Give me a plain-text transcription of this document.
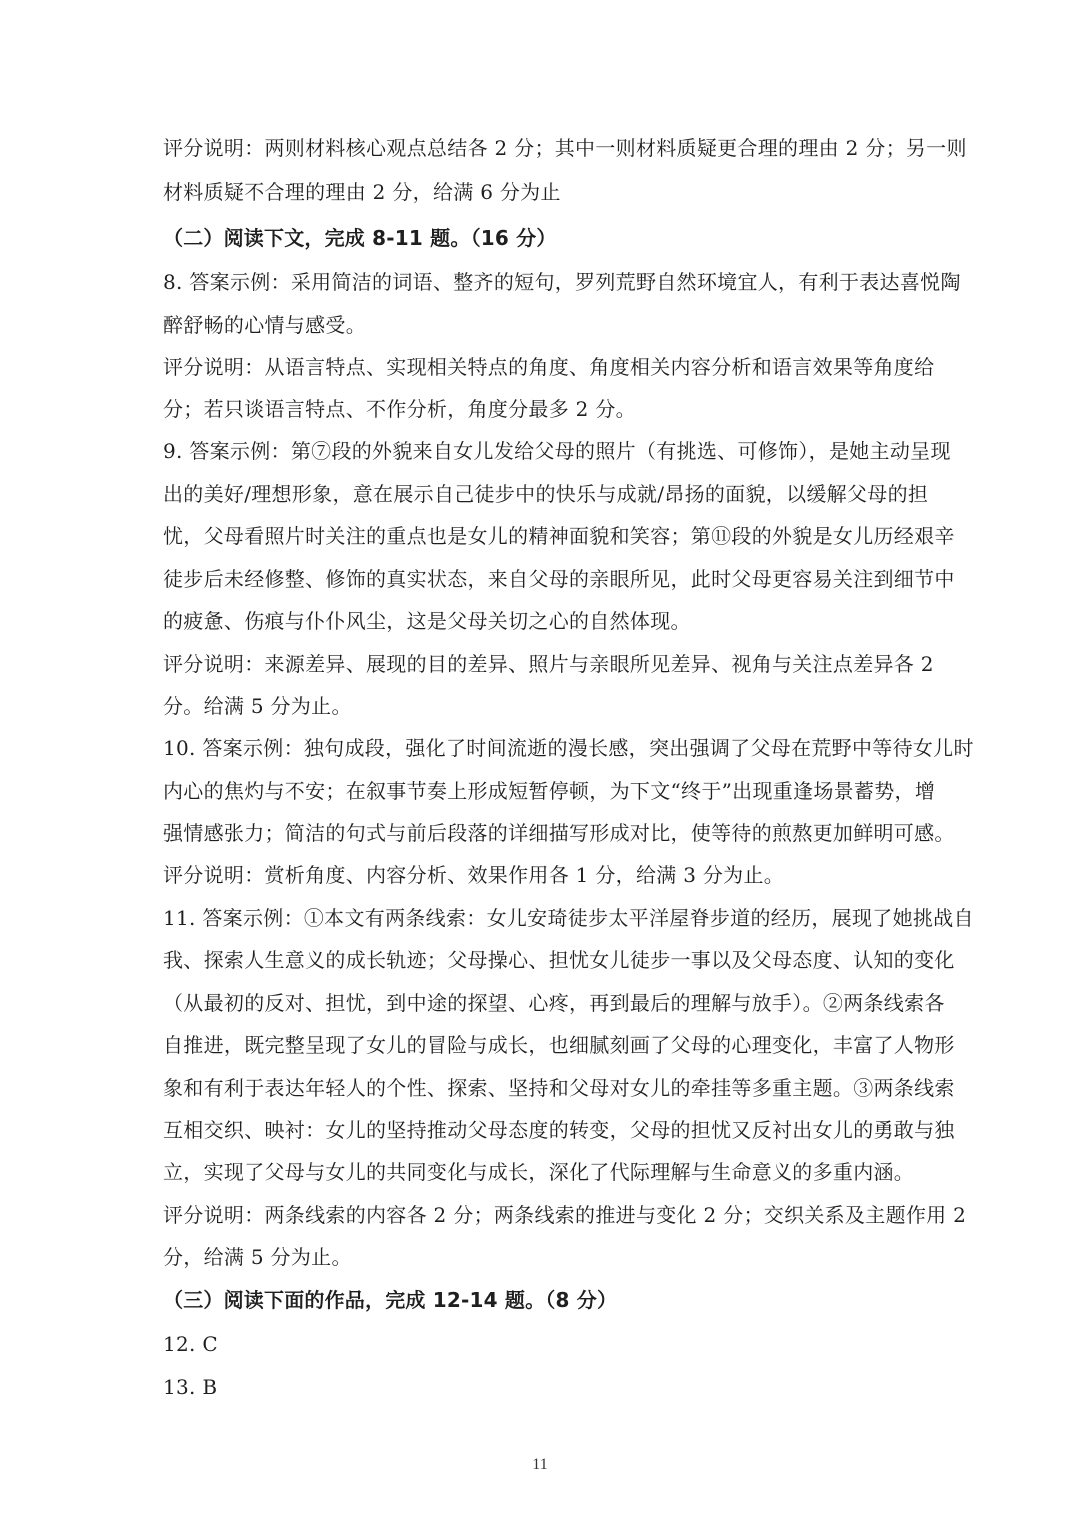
评分说明：两则材料核心观点总结各 2 分；其中一则材料质疑更合理的理由 2 分；另一则
材料质疑不合理的理由 2 分，给满 6 分为止
（二）阅读下文，完成 8-11 题。（16 分）
8. 答案示例：采用简洁的词语、整齐的短句，罗列荒野自然环境宜人，有利于表达喜悦陶
醉舒畅的心情与感受。
评分说明：从语言特点、实现相关特点的角度、角度相关内容分析和语言效果等角度给
分；若只谈语言特点、不作分析，角度分最多 2 分。
9. 答案示例：第⑦段的外貌来自女儿发给父母的照片（有挑选、可修饰），是她主动呈现
出的美好/理想形象，意在展示自己徒步中的快乐与成就/昂扬的面貌，以缓解父母的担
忧，父母看照片时关注的重点也是女儿的精神面貌和笑容；第⑪段的外貌是女儿历经艰辛
徒步后未经修整、修饰的真实状态，来自父母的亲眼所见，此时父母更容易关注到细节中
的疲惫、伤痕与仆仆风尘，这是父母关切之心的自然体现。
评分说明：来源差异、展现的目的差异、照片与亲眼所见差异、视角与关注点差异各 2
分。给满 5 分为止。
10. 答案示例：独句成段，强化了时间流逝的漫长感，突出强调了父母在荒野中等待女儿时
内心的焦灼与不安；在叙事节奏上形成短暂停顿，为下文“终于”出现重逢场景蓄势，增
强情感张力；简洁的句式与前后段落的详细描写形成对比，使等待的煎熬更加鲜明可感。
评分说明：赏析角度、内容分析、效果作用各 1 分，给满 3 分为止。
11. 答案示例：①本文有两条线索：女儿安琦徒步太平洋屋脊步道的经历，展现了她挑战自
我、探索人生意义的成长轨迹；父母操心、担忧女儿徒步一事以及父母态度、认知的变化
（从最初的反对、担忧，到中途的探望、心疼，再到最后的理解与放手）。②两条线索各
自推进，既完整呈现了女儿的冒险与成长，也细腻刻画了父母的心理变化，丰富了人物形
象和有利于表达年轻人的个性、探索、坚持和父母对女儿的牵挂等多重主题。③两条线索
互相交织、映衬：女儿的坚持推动父母态度的转变，父母的担忧又反衬出女儿的勇敢与独
立，实现了父母与女儿的共同变化与成长，深化了代际理解与生命意义的多重内涵。
评分说明：两条线索的内容各 2 分；两条线索的推进与变化 2 分；交织关系及主题作用 2
分，给满 5 分为止。
（三）阅读下面的作品，完成 12-14 题。（8 分）
12. C
13. B
11
